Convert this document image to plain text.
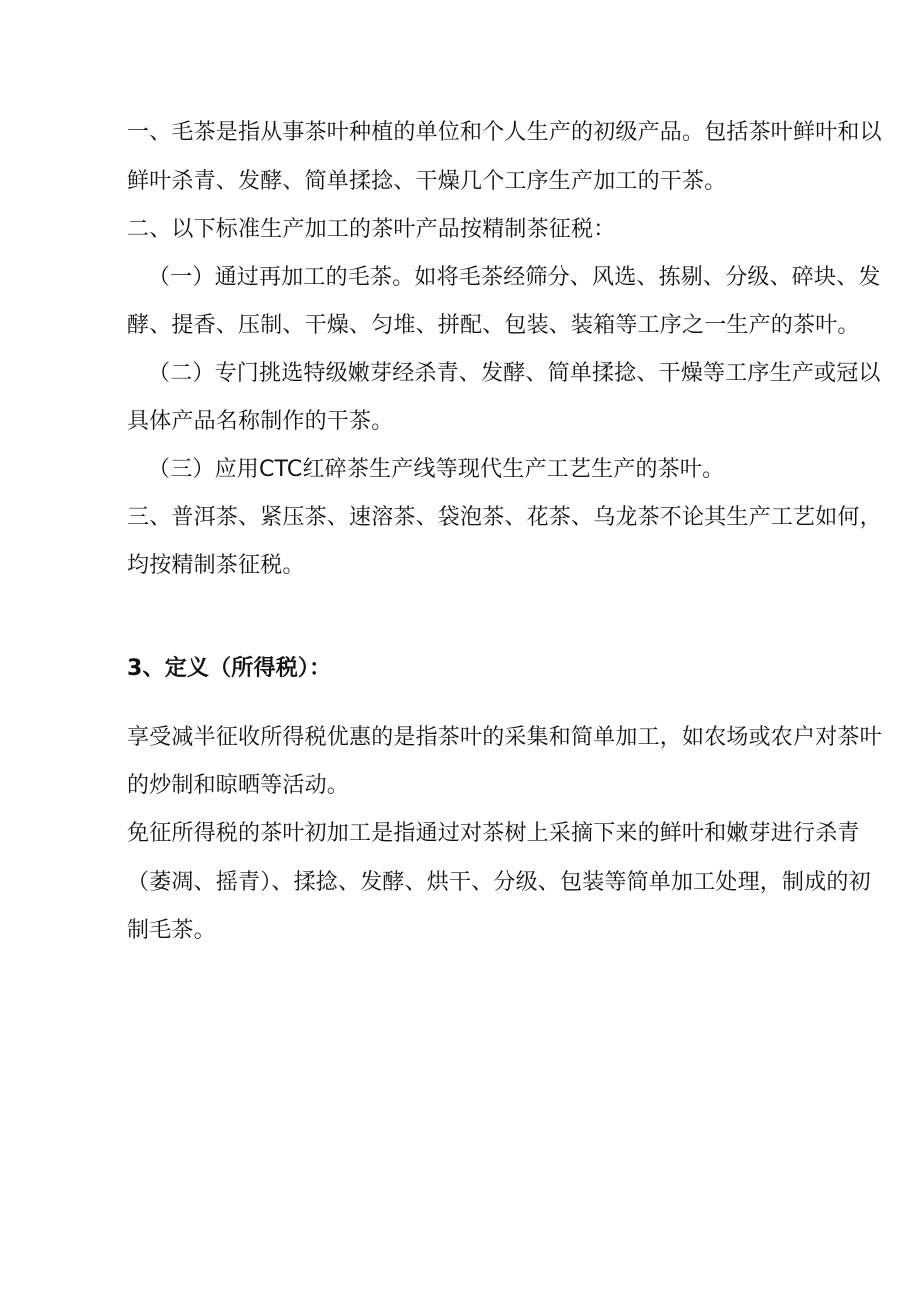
一、毛茶是指从事茶叶种植的单位和个人生产的初级产品。包括茶叶鲜叶和以
鲜叶杀青、发酵、简单揉捻、干燥几个工序生产加工的干茶。
二、以下标准生产加工的茶叶产品按精制茶征税：
（一）通过再加工的毛茶。如将毛茶经筛分、风选、拣剔、分级、碎块、发
酵、提香、压制、干燥、匀堆、拼配、包装、装箱等工序之一生产的茶叶。
（二）专门挑选特级嫩芽经杀青、发酵、简单揉捻、干燥等工序生产或冠以
具体产品名称制作的干茶。
（三）应用CTC红碎茶生产线等现代生产工艺生产的茶叶。
三、普洱茶、紧压茶、速溶茶、袋泡茶、花茶、乌龙茶不论其生产工艺如何，
均按精制茶征税。
3、定义（所得税）：
享受减半征收所得税优惠的是指茶叶的采集和简单加工，如农场或农户对茶叶
的炒制和晾晒等活动。
免征所得税的茶叶初加工是指通过对茶树上采摘下来的鲜叶和嫩芽进行杀青
（萎凋、摇青）、揉捻、发酵、烘干、分级、包装等简单加工处理，制成的初
制毛茶。
